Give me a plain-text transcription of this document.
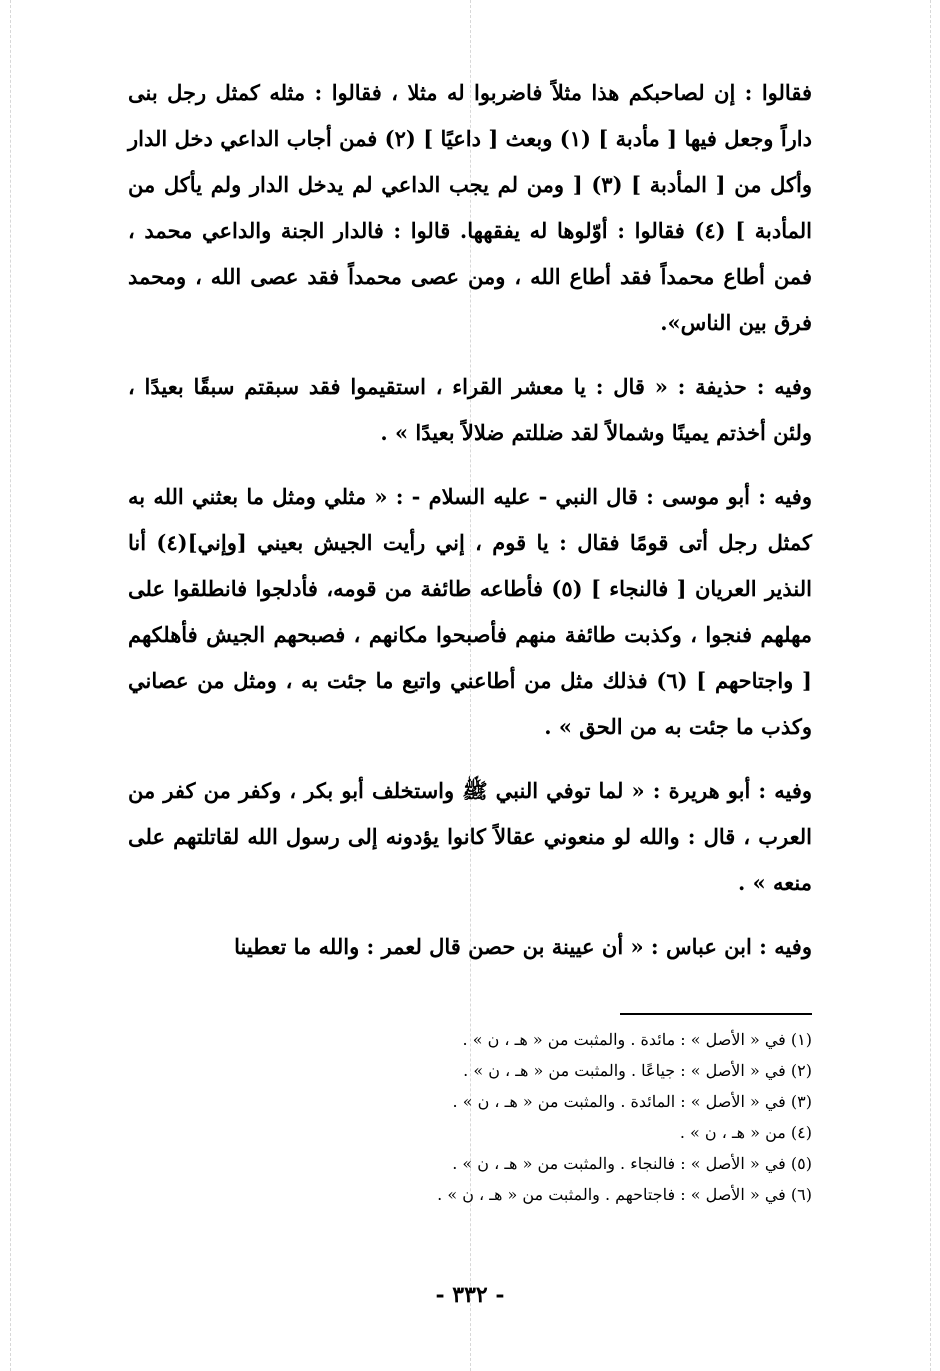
فقالوا : إن لصاحبكم هذا مثلاً فاضربوا له مثلا ، فقالوا : مثله كمثل رجل بنى داراً وجعل فيها [ مأدبة ] (١) وبعث [ داعيًا ] (٢) فمن أجاب الداعي دخل الدار وأكل من [ المأدبة ] (٣) [ ومن لم يجب الداعي لم يدخل الدار ولم يأكل من المأدبة ] (٤) فقالوا : أوّلوها له يفقهها. قالوا : فالدار الجنة والداعي محمد ، فمن أطاع محمداً فقد أطاع الله ، ومن عصى محمداً فقد عصى الله ، ومحمد فرق بين الناس».

وفيه : حذيفة : « قال : يا معشر القراء ، استقيموا فقد سبقتم سبقًا بعيدًا ، ولئن أخذتم يمينًا وشمالاً لقد ضللتم ضلالاً بعيدًا » .

وفيه : أبو موسى : قال النبي - عليه السلام - : « مثلي ومثل ما بعثني الله به كمثل رجل أتى قومًا فقال : يا قوم ، إني رأيت الجيش بعيني [وإني](٤) أنا النذير العريان [ فالنجاء ] (٥) فأطاعه طائفة من قومه، فأدلجوا فانطلقوا على مهلهم فنجوا ، وكذبت طائفة منهم فأصبحوا مكانهم ، فصبحهم الجيش فأهلكهم [ واجتاحهم ] (٦) فذلك مثل من أطاعني واتبع ما جئت به ، ومثل من عصاني وكذب ما جئت به من الحق » .

وفيه : أبو هريرة : « لما توفي النبي ﷺ واستخلف أبو بكر ، وكفر من كفر من العرب ، قال : والله لو منعوني عقالاً كانوا يؤدونه إلى رسول الله لقاتلتهم على منعه » .

وفيه : ابن عباس : « أن عيينة بن حصن قال لعمر : والله ما تعطينا

(١) في « الأصل » : مائدة . والمثبت من « هـ ، ن » .
(٢) في « الأصل » : جياعًا . والمثبت من « هـ ، ن » .
(٣) في « الأصل » : المائدة . والمثبت من « هـ ، ن » .
(٤) من « هـ ، ن » .
(٥) في « الأصل » : فالنجاء . والمثبت من « هـ ، ن » .
(٦) في « الأصل » : فاجتاحهم . والمثبت من « هـ ، ن » .
- ٣٣٢ -
